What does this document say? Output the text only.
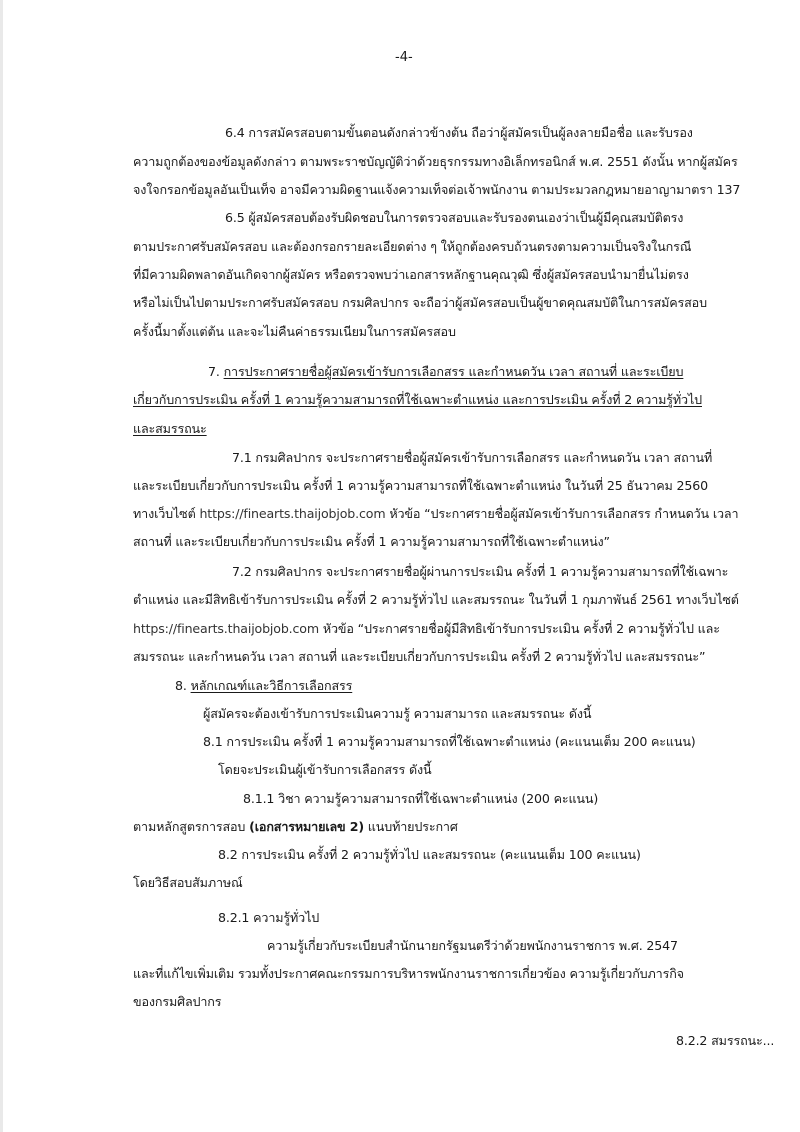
-4-
6.4 การสมัครสอบตามขั้นตอนดังกล่าวข้างต้น ถือว่าผู้สมัครเป็นผู้ลงลายมือชื่อ และรับรอง
ความถูกต้องของข้อมูลดังกล่าว ตามพระราชบัญญัติว่าด้วยธุรกรรมทางอิเล็กทรอนิกส์ พ.ศ. 2551 ดังนั้น หากผู้สมัคร
จงใจกรอกข้อมูลอันเป็นเท็จ อาจมีความผิดฐานแจ้งความเท็จต่อเจ้าพนักงาน ตามประมวลกฎหมายอาญามาตรา 137
6.5 ผู้สมัครสอบต้องรับผิดชอบในการตรวจสอบและรับรองตนเองว่าเป็นผู้มีคุณสมบัติตรง
ตามประกาศรับสมัครสอบ และต้องกรอกรายละเอียดต่าง ๆ ให้ถูกต้องครบถ้วนตรงตามความเป็นจริงในกรณี
ที่มีความผิดพลาดอันเกิดจากผู้สมัคร หรือตรวจพบว่าเอกสารหลักฐานคุณวุฒิ ซึ่งผู้สมัครสอบนำมายื่นไม่ตรง
หรือไม่เป็นไปตามประกาศรับสมัครสอบ กรมศิลปากร จะถือว่าผู้สมัครสอบเป็นผู้ขาดคุณสมบัติในการสมัครสอบ
ครั้งนี้มาตั้งแต่ต้น และจะไม่คืนค่าธรรมเนียมในการสมัครสอบ
7. การประกาศรายชื่อผู้สมัครเข้ารับการเลือกสรร และกำหนดวัน เวลา สถานที่ และระเบียบ
เกี่ยวกับการประเมิน ครั้งที่ 1 ความรู้ความสามารถที่ใช้เฉพาะตำแหน่ง และการประเมิน ครั้งที่ 2 ความรู้ทั่วไป
และสมรรถนะ
7.1 กรมศิลปากร จะประกาศรายชื่อผู้สมัครเข้ารับการเลือกสรร และกำหนดวัน เวลา สถานที่
และระเบียบเกี่ยวกับการประเมิน ครั้งที่ 1 ความรู้ความสามารถที่ใช้เฉพาะตำแหน่ง ในวันที่ 25 ธันวาคม 2560
ทางเว็บไซต์ https://finearts.thaijobjob.com หัวข้อ “ประกาศรายชื่อผู้สมัครเข้ารับการเลือกสรร กำหนดวัน เวลา
สถานที่ และระเบียบเกี่ยวกับการประเมิน ครั้งที่ 1 ความรู้ความสามารถที่ใช้เฉพาะตำแหน่ง”
7.2 กรมศิลปากร จะประกาศรายชื่อผู้ผ่านการประเมิน ครั้งที่ 1 ความรู้ความสามารถที่ใช้เฉพาะ
ตำแหน่ง และมีสิทธิเข้ารับการประเมิน ครั้งที่ 2 ความรู้ทั่วไป และสมรรถนะ ในวันที่ 1 กุมภาพันธ์ 2561 ทางเว็บไซต์
https://finearts.thaijobjob.com หัวข้อ “ประกาศรายชื่อผู้มีสิทธิเข้ารับการประเมิน ครั้งที่ 2 ความรู้ทั่วไป และ
สมรรถนะ และกำหนดวัน เวลา สถานที่ และระเบียบเกี่ยวกับการประเมิน ครั้งที่ 2 ความรู้ทั่วไป และสมรรถนะ”
8. หลักเกณฑ์และวิธีการเลือกสรร
ผู้สมัครจะต้องเข้ารับการประเมินความรู้ ความสามารถ และสมรรถนะ ดังนี้
8.1 การประเมิน ครั้งที่ 1 ความรู้ความสามารถที่ใช้เฉพาะตำแหน่ง (คะแนนเต็ม 200 คะแนน)
โดยจะประเมินผู้เข้ารับการเลือกสรร ดังนี้
8.1.1 วิชา ความรู้ความสามารถที่ใช้เฉพาะตำแหน่ง (200 คะแนน)
ตามหลักสูตรการสอบ (เอกสารหมายเลข 2) แนบท้ายประกาศ
8.2 การประเมิน ครั้งที่ 2 ความรู้ทั่วไป และสมรรถนะ (คะแนนเต็ม 100 คะแนน)
โดยวิธีสอบสัมภาษณ์
8.2.1 ความรู้ทั่วไป
ความรู้เกี่ยวกับระเบียบสำนักนายกรัฐมนตรีว่าด้วยพนักงานราชการ พ.ศ. 2547
และที่แก้ไขเพิ่มเติม รวมทั้งประกาศคณะกรรมการบริหารพนักงานราชการเกี่ยวข้อง ความรู้เกี่ยวกับภารกิจ
ของกรมศิลปากร
8.2.2 สมรรถนะ...
